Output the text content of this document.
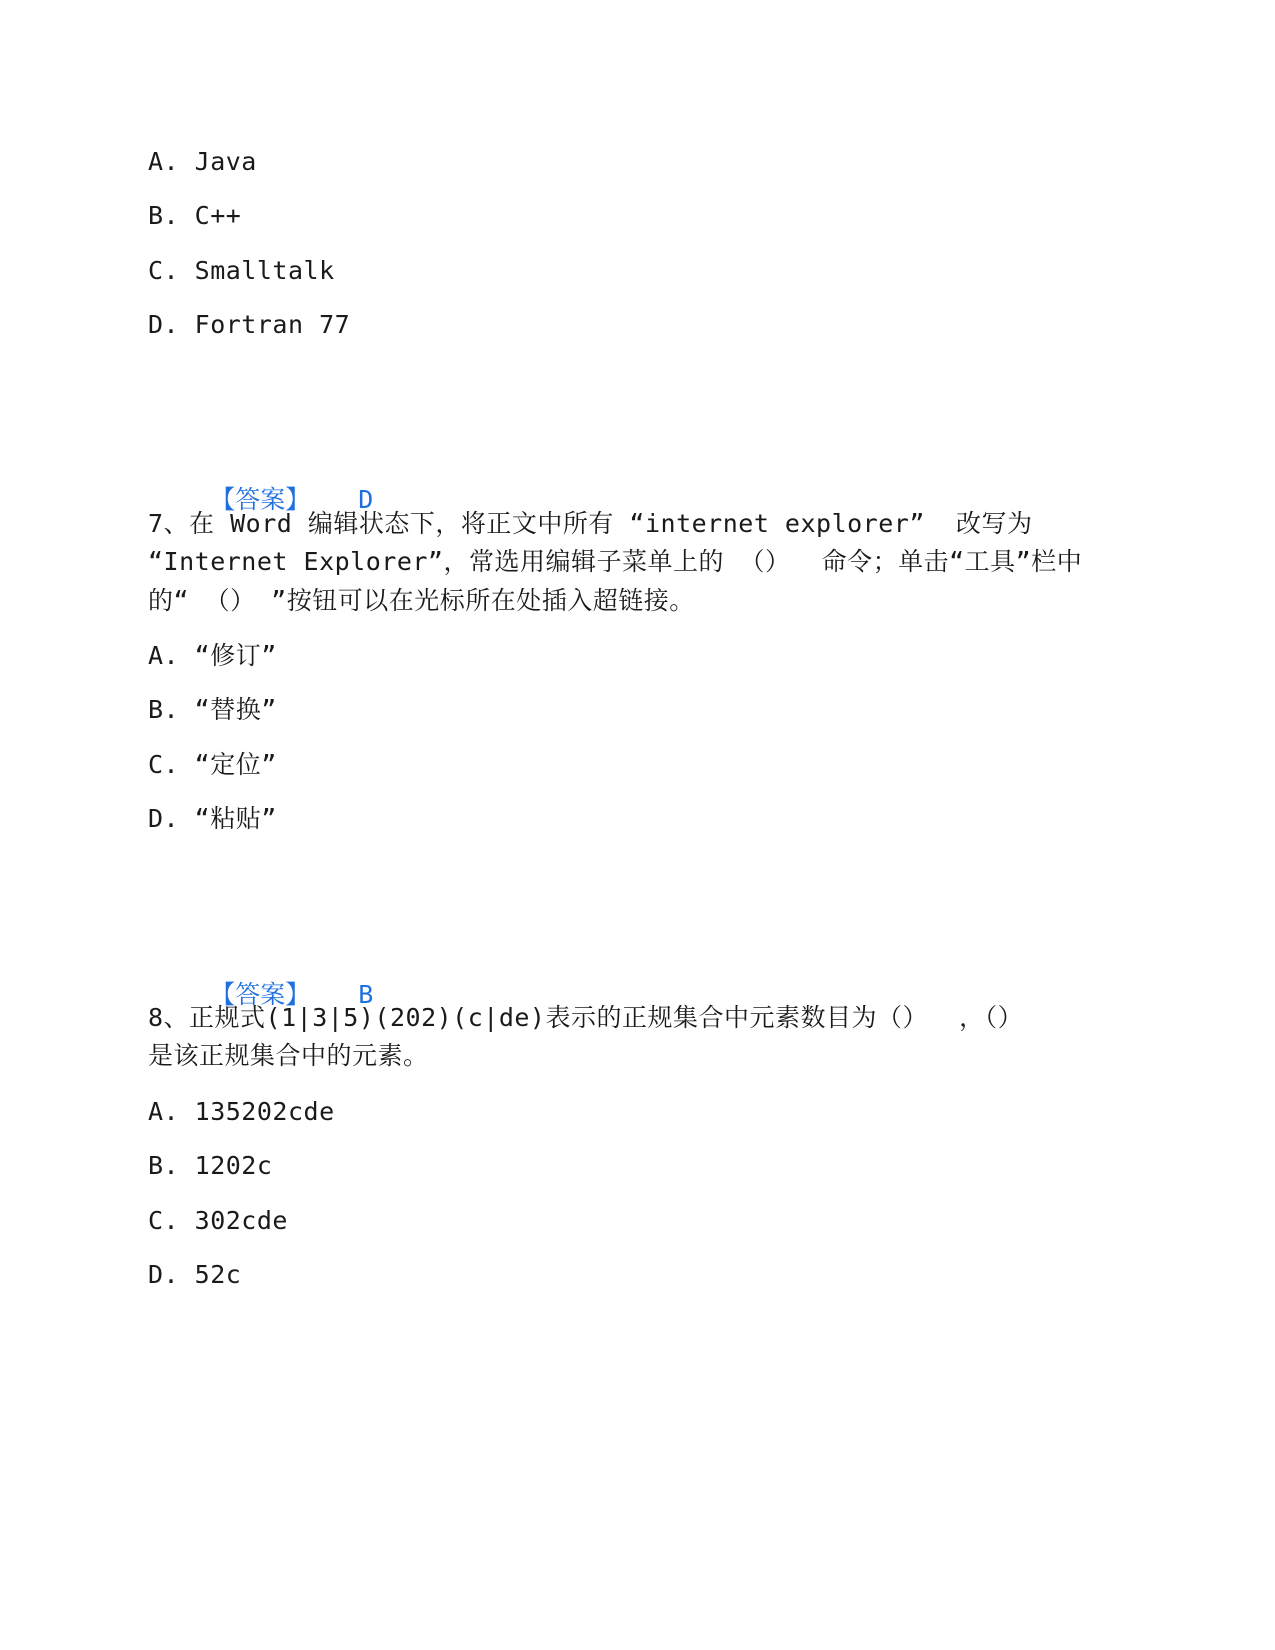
A. Java
B. C++
C. Smalltalk
D. Fortran 77

【答案】 D

7、在 Word 编辑状态下，将正文中所有 “internet explorer”  改写为
“Internet Explorer”，常选用编辑子菜单上的 （）  命令；单击“工具”栏中
的“ （） ”按钮可以在光标所在处插入超链接。
A. “修订”
B. “替换”
C. “定位”
D. “粘贴”

【答案】 B

8、正规式(1|3|5)(202)(c|de)表示的正规集合中元素数目为（）  ，（）
是该正规集合中的元素。
A. 135202cde
B. 1202c
C. 302cde
D. 52c
